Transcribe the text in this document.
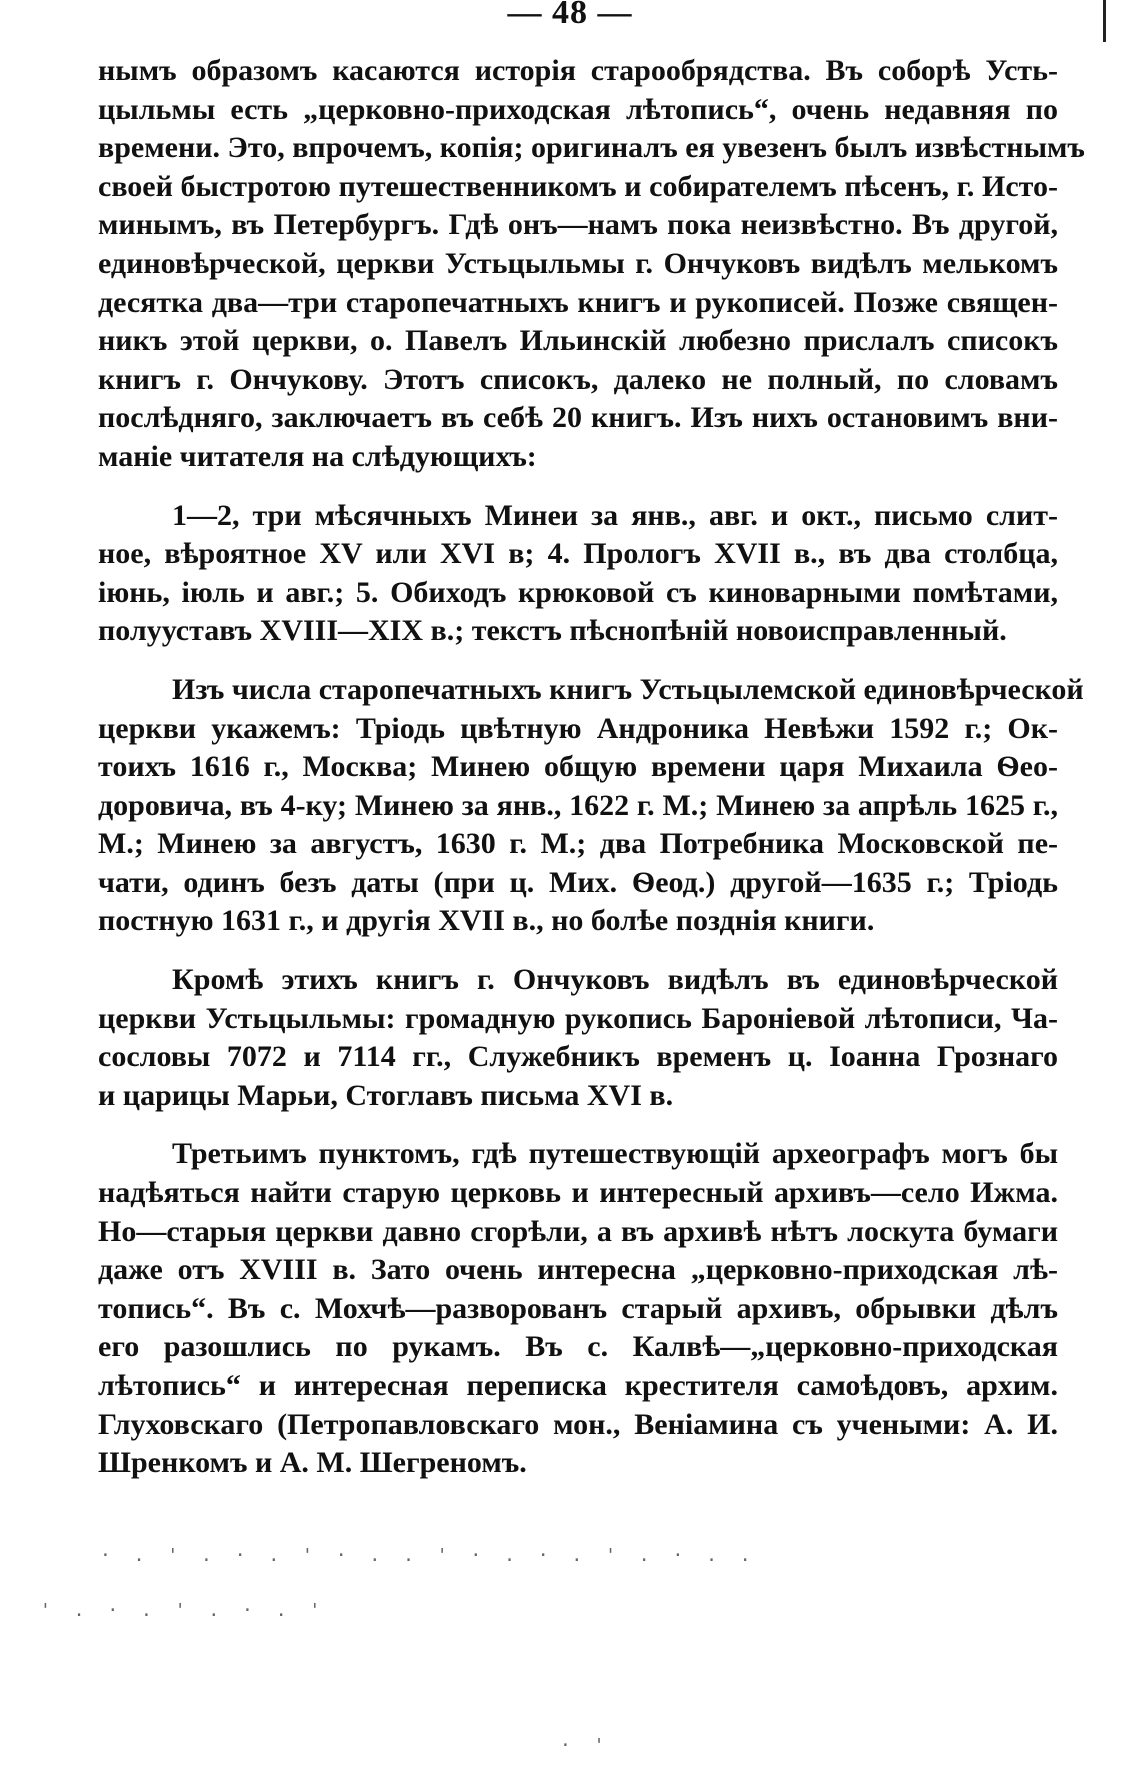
— 48 —
нымъ образомъ касаются исторія старообрядства. Въ соборѣ Усть-
цыльмы есть „церковно-приходская лѣтопись“, очень недавняя по
времени. Это, впрочемъ, копія; оригиналъ ея увезенъ былъ извѣстнымъ
своей быстротою путешественникомъ и собирателемъ пѣсенъ, г. Исто-
минымъ, въ Петербургъ. Гдѣ онъ—намъ пока неизвѣстно. Въ другой,
единовѣрческой, церкви Устьцыльмы г. Ончуковъ видѣлъ мелькомъ
десятка два—три старопечатныхъ книгъ и рукописей. Позже священ-
никъ этой церкви, о. Павелъ Ильинскій любезно прислалъ списокъ
книгъ г. Ончукову. Этотъ списокъ, далеко не полный, по словамъ
послѣдняго, заключаетъ въ себѣ 20 книгъ. Изъ нихъ остановимъ вни-
маніе читателя на слѣдующихъ:
1—2, три мѣсячныхъ Минеи за янв., авг. и окт., письмо слит-
ное, вѣроятное XV или XVI в; 4. Прологъ XVII в., въ два столбца,
іюнь, іюль и авг.; 5. Обиходъ крюковой съ киноварными помѣтами,
полууставъ XVIII—XIX в.; текстъ пѣснопѣній новоисправленный.
Изъ числа старопечатныхъ книгъ Устьцылемской единовѣрческой
церкви укажемъ: Тріодь цвѣтную Андроника Невѣжи 1592 г.; Ок-
тоихъ 1616 г., Москва; Минею общую времени царя Михаила Ѳео-
доровича, въ 4-ку; Минею за янв., 1622 г. М.; Минею за апрѣль 1625 г.,
М.; Минею за августъ, 1630 г. М.; два Потребника Московской пе-
чати, одинъ безъ даты (при ц. Мих. Ѳеод.) другой—1635 г.; Тріодь
постную 1631 г., и другія XVII в., но болѣе позднія книги.
Кромѣ этихъ книгъ г. Ончуковъ видѣлъ въ единовѣрческой
церкви Устьцыльмы: громадную рукопись Бароніевой лѣтописи, Ча-
сословы 7072 и 7114 гг., Служебникъ временъ ц. Іоанна Грознаго
и царицы Марьи, Стоглавъ письма XVI в.
Третьимъ пунктомъ, гдѣ путешествующій археографъ могъ бы
надѣяться найти старую церковь и интересный архивъ—село Ижма.
Но—старыя церкви давно сгорѣли, а въ архивѣ нѣтъ лоскута бумаги
даже отъ XVIII в. Зато очень интересна „церковно-приходская лѣ-
топись“. Въ с. Мохчѣ—разворованъ старый архивъ, обрывки дѣлъ
его разошлись по рукамъ. Въ с. Калвѣ—„церковно-приходская
лѣтопись“ и интересная переписка крестителя самоѣдовъ, архим.
Глуховскаго (Петропавловскаго мон., Веніамина съ учеными: А. И.
Шренкомъ и А. М. Шегреномъ.
· . ' . · . ' · . . ' · . · . ' . · . .
' . · . ' . · . '
· '
